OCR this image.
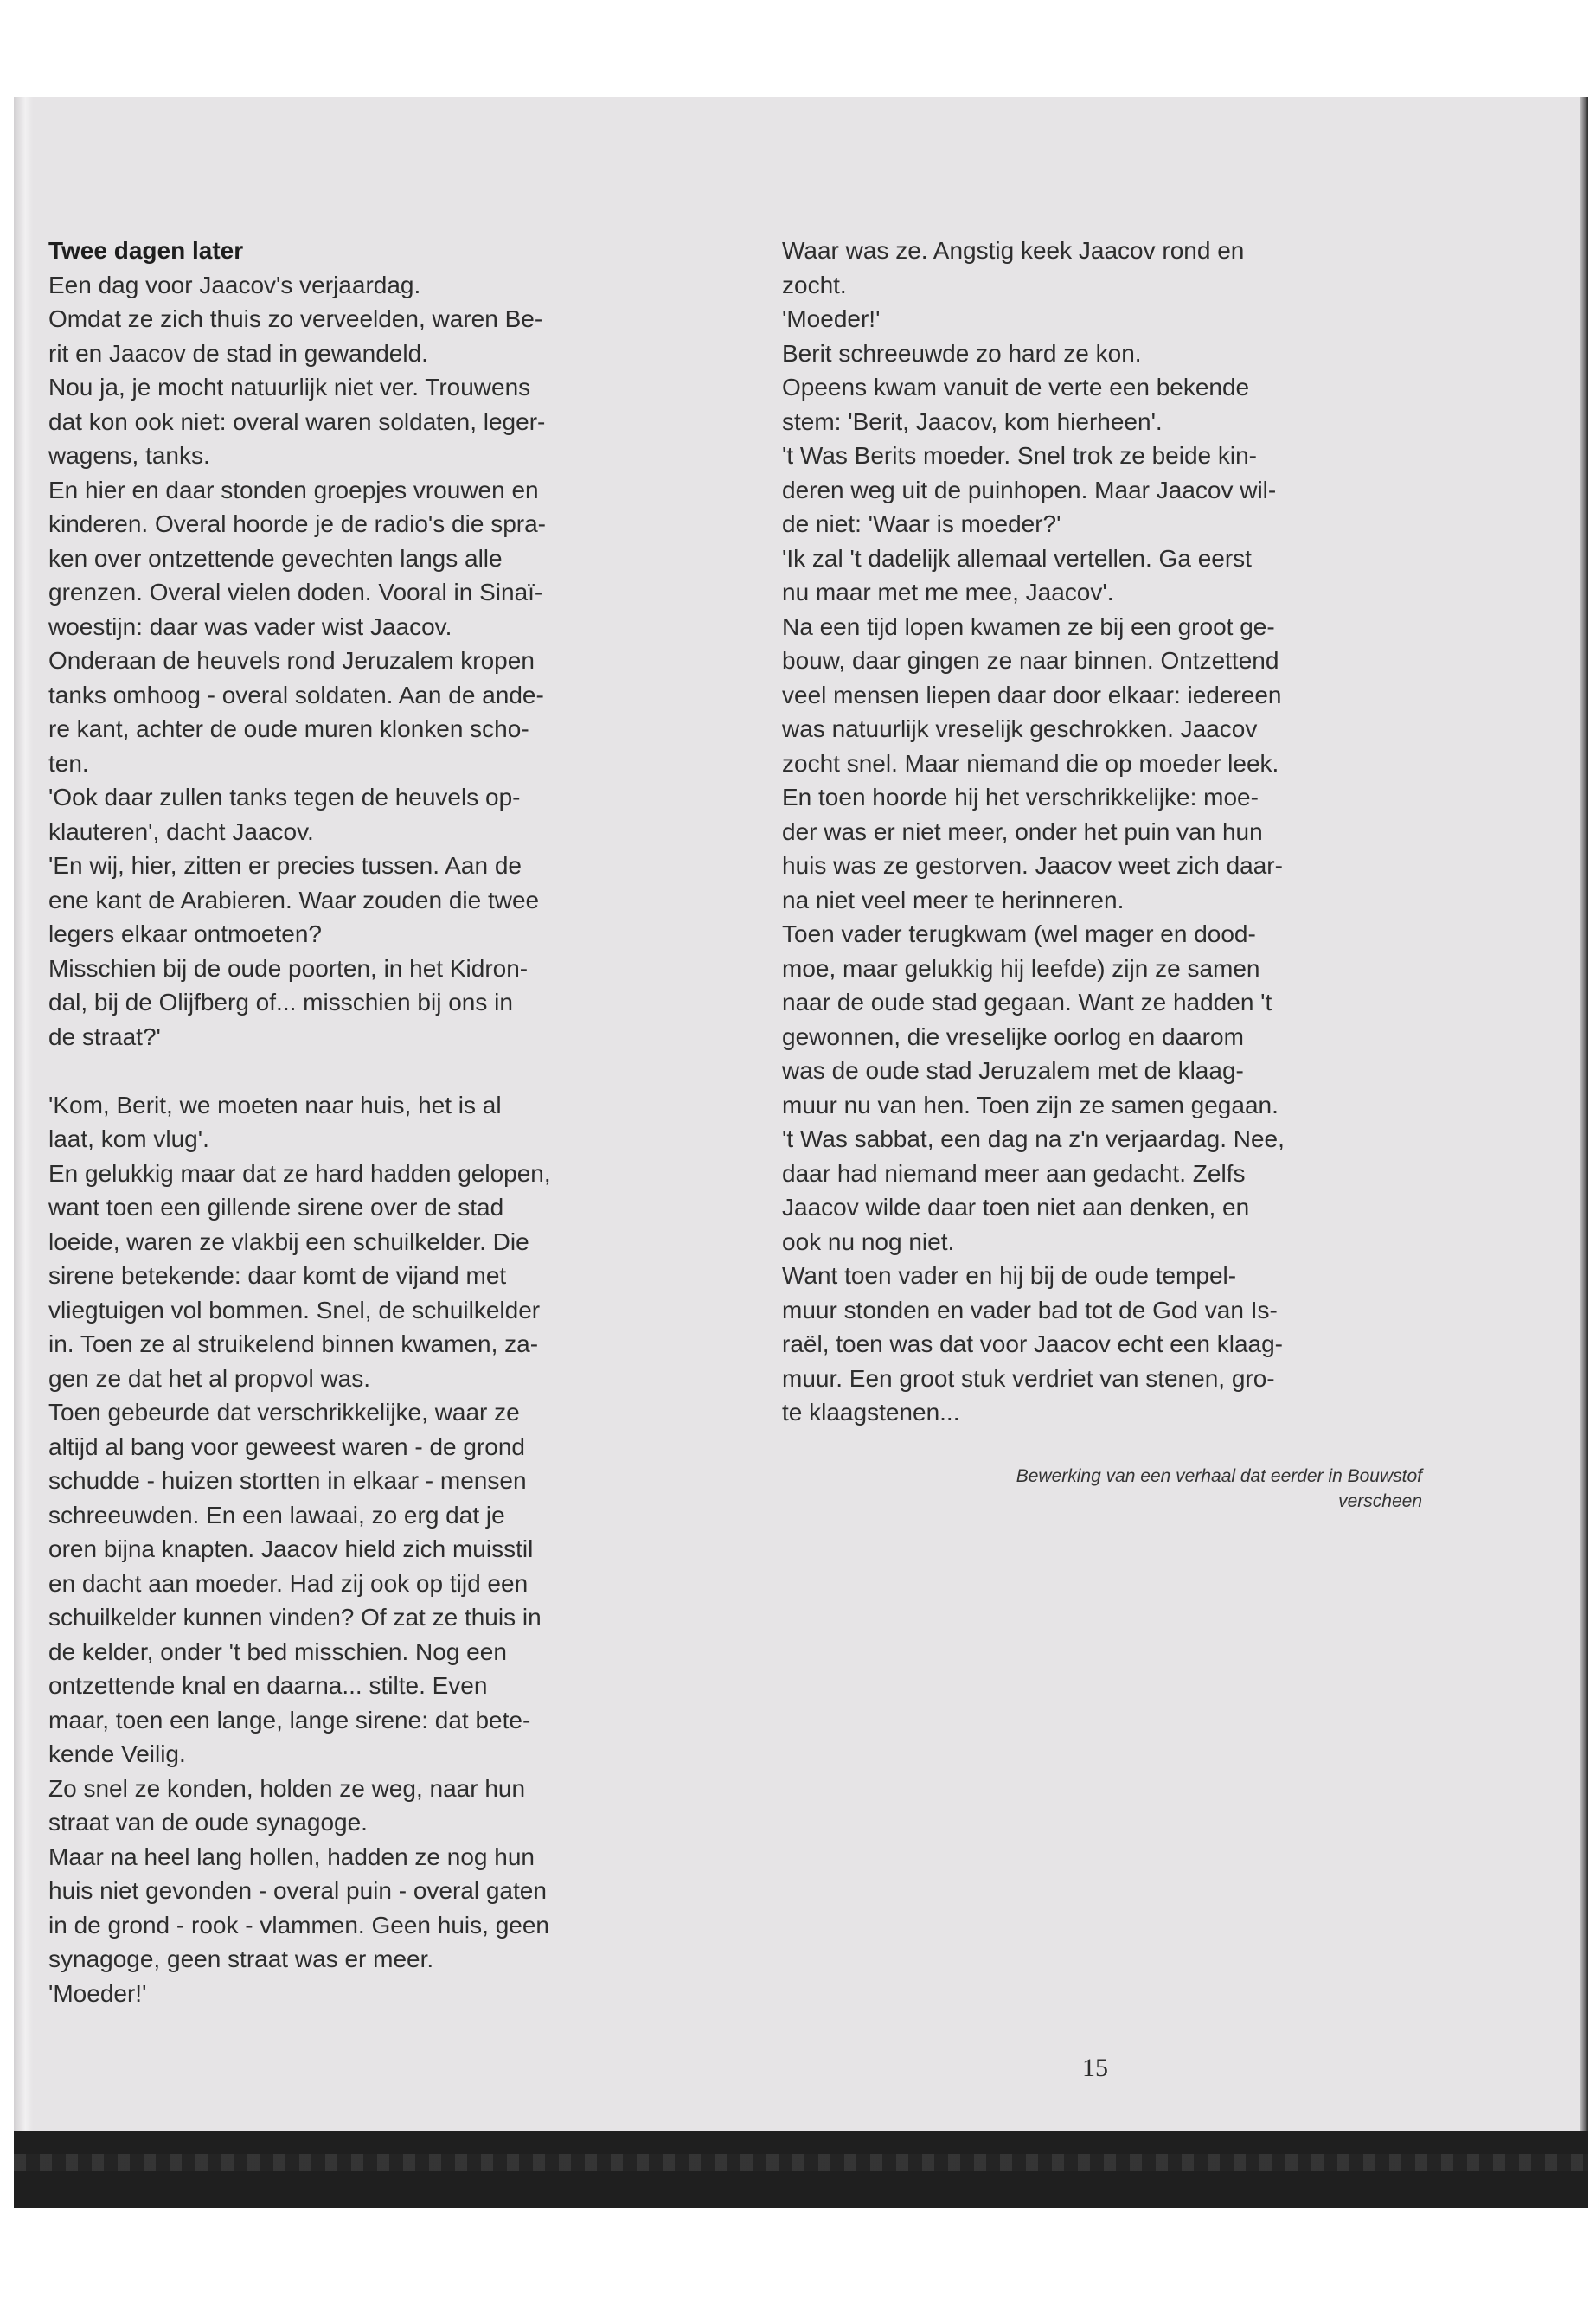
Twee dagen later
Een dag voor Jaacov's verjaardag.
Omdat ze zich thuis zo verveelden, waren Be-
rit en Jaacov de stad in gewandeld.
Nou ja, je mocht natuurlijk niet ver. Trouwens
dat kon ook niet: overal waren soldaten, leger-
wagens, tanks.
En hier en daar stonden groepjes vrouwen en
kinderen. Overal hoorde je de radio's die spra-
ken over ontzettende gevechten langs alle
grenzen. Overal vielen doden. Vooral in Sinaï-
woestijn: daar was vader wist Jaacov.
Onderaan de heuvels rond Jeruzalem kropen
tanks omhoog - overal soldaten. Aan de ande-
re kant, achter de oude muren klonken scho-
ten.
'Ook daar zullen tanks tegen de heuvels op-
klauteren', dacht Jaacov.
'En wij, hier, zitten er precies tussen. Aan de
ene kant de Arabieren. Waar zouden die twee
legers elkaar ontmoeten?
Misschien bij de oude poorten, in het Kidron-
dal, bij de Olijfberg of... misschien bij ons in
de straat?'
'Kom, Berit, we moeten naar huis, het is al
laat, kom vlug'.
En gelukkig maar dat ze hard hadden gelopen,
want toen een gillende sirene over de stad
loeide, waren ze vlakbij een schuilkelder. Die
sirene betekende: daar komt de vijand met
vliegtuigen vol bommen. Snel, de schuilkelder
in. Toen ze al struikelend binnen kwamen, za-
gen ze dat het al propvol was.
Toen gebeurde dat verschrikkelijke, waar ze
altijd al bang voor geweest waren - de grond
schudde - huizen stortten in elkaar - mensen
schreeuwden. En een lawaai, zo erg dat je
oren bijna knapten. Jaacov hield zich muisstil
en dacht aan moeder. Had zij ook op tijd een
schuilkelder kunnen vinden? Of zat ze thuis in
de kelder, onder 't bed misschien. Nog een
ontzettende knal en daarna... stilte. Even
maar, toen een lange, lange sirene: dat bete-
kende Veilig.
Zo snel ze konden, holden ze weg, naar hun
straat van de oude synagoge.
Maar na heel lang hollen, hadden ze nog hun
huis niet gevonden - overal puin - overal gaten
in de grond - rook - vlammen. Geen huis, geen
synagoge, geen straat was er meer.
'Moeder!'
Waar was ze. Angstig keek Jaacov rond en
zocht.
'Moeder!'
Berit schreeuwde zo hard ze kon.
Opeens kwam vanuit de verte een bekende
stem: 'Berit, Jaacov, kom hierheen'.
't Was Berits moeder. Snel trok ze beide kin-
deren weg uit de puinhopen. Maar Jaacov wil-
de niet: 'Waar is moeder?'
'Ik zal 't dadelijk allemaal vertellen. Ga eerst
nu maar met me mee, Jaacov'.
Na een tijd lopen kwamen ze bij een groot ge-
bouw, daar gingen ze naar binnen. Ontzettend
veel mensen liepen daar door elkaar: iedereen
was natuurlijk vreselijk geschrokken. Jaacov
zocht snel. Maar niemand die op moeder leek.
En toen hoorde hij het verschrikkelijke: moe-
der was er niet meer, onder het puin van hun
huis was ze gestorven. Jaacov weet zich daar-
na niet veel meer te herinneren.
Toen vader terugkwam (wel mager en dood-
moe, maar gelukkig hij leefde) zijn ze samen
naar de oude stad gegaan. Want ze hadden 't
gewonnen, die vreselijke oorlog en daarom
was de oude stad Jeruzalem met de klaag-
muur nu van hen. Toen zijn ze samen gegaan.
't Was sabbat, een dag na z'n verjaardag. Nee,
daar had niemand meer aan gedacht. Zelfs
Jaacov wilde daar toen niet aan denken, en
ook nu nog niet.
Want toen vader en hij bij de oude tempel-
muur stonden en vader bad tot de God van Is-
raël, toen was dat voor Jaacov echt een klaag-
muur. Een groot stuk verdriet van stenen, gro-
te klaagstenen...
Bewerking van een verhaal dat eerder in Bouwstof
verscheen
15
